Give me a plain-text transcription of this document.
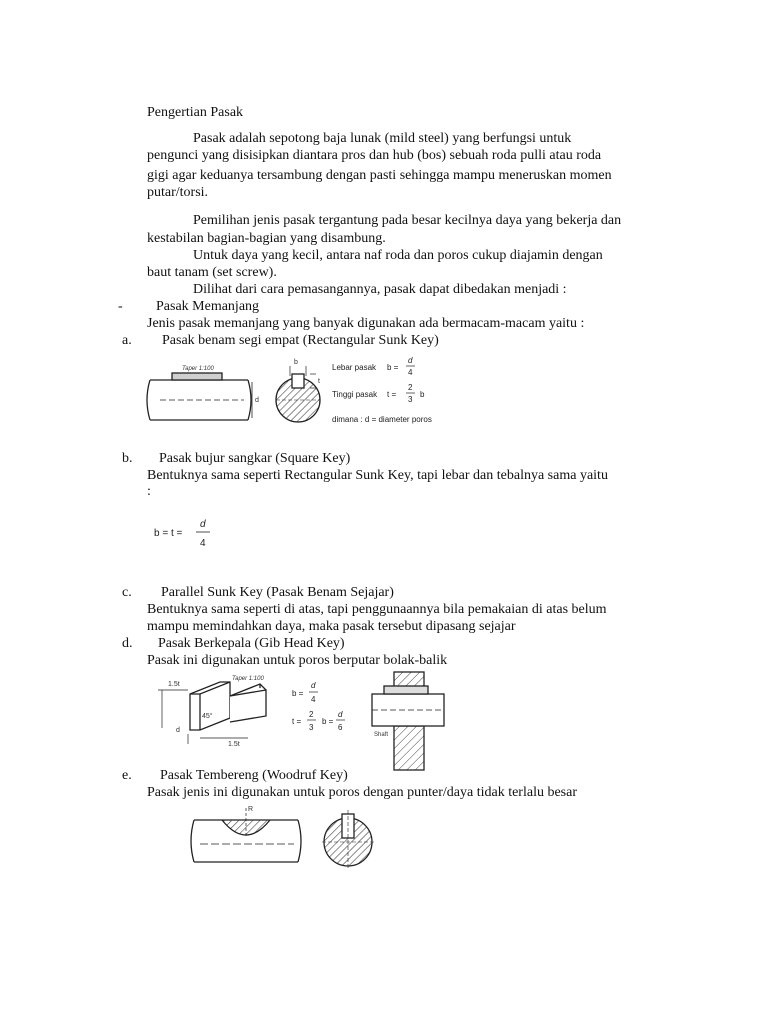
Pengertian Pasak
Pasak adalah sepotong baja lunak (mild steel) yang berfungsi untuk
pengunci yang disisipkan diantara pros dan hub (bos) sebuah roda pulli atau roda
gigi agar keduanya tersambung dengan pasti sehingga mampu meneruskan momen
putar/torsi.
Pemilihan jenis pasak tergantung pada besar kecilnya daya yang bekerja dan
kestabilan bagian-bagian yang disambung.
Untuk daya yang kecil, antara naf roda dan poros cukup diajamin dengan
baut tanam (set screw).
Dilihat dari cara pemasangannya, pasak dapat dibedakan menjadi :
- Pasak Memanjang
Jenis pasak memanjang yang banyak digunakan ada bermacam-macam yaitu :
a. Pasak benam segi empat (Rectangular Sunk Key)
Taper 1:100
d
b
t
Lebar pasak b =
d
4
Tinggi pasak t =
2
3
b
dimana : d = diameter poros
b. Pasak bujur sangkar (Square Key)
Bentuknya sama seperti Rectangular Sunk Key, tapi lebar dan tebalnya sama yaitu
:
b = t =
d
4
c. Parallel Sunk Key (Pasak Benam Sejajar)
Bentuknya sama seperti di atas, tapi penggunaannya bila pemakaian di atas belum
mampu memindahkan daya, maka pasak tersebut dipasang sejajar
d. Pasak Berkepala (Gib Head Key)
Pasak ini digunakan untuk poros berputar bolak-balik
1.5t
Taper 1:100
45°
d
1.5t
b =
d
4
t =
2
3
b =
d
6
Shaft
e. Pasak Tembereng (Woodruf Key)
Pasak jenis ini digunakan untuk poros dengan punter/daya tidak terlalu besar
R
